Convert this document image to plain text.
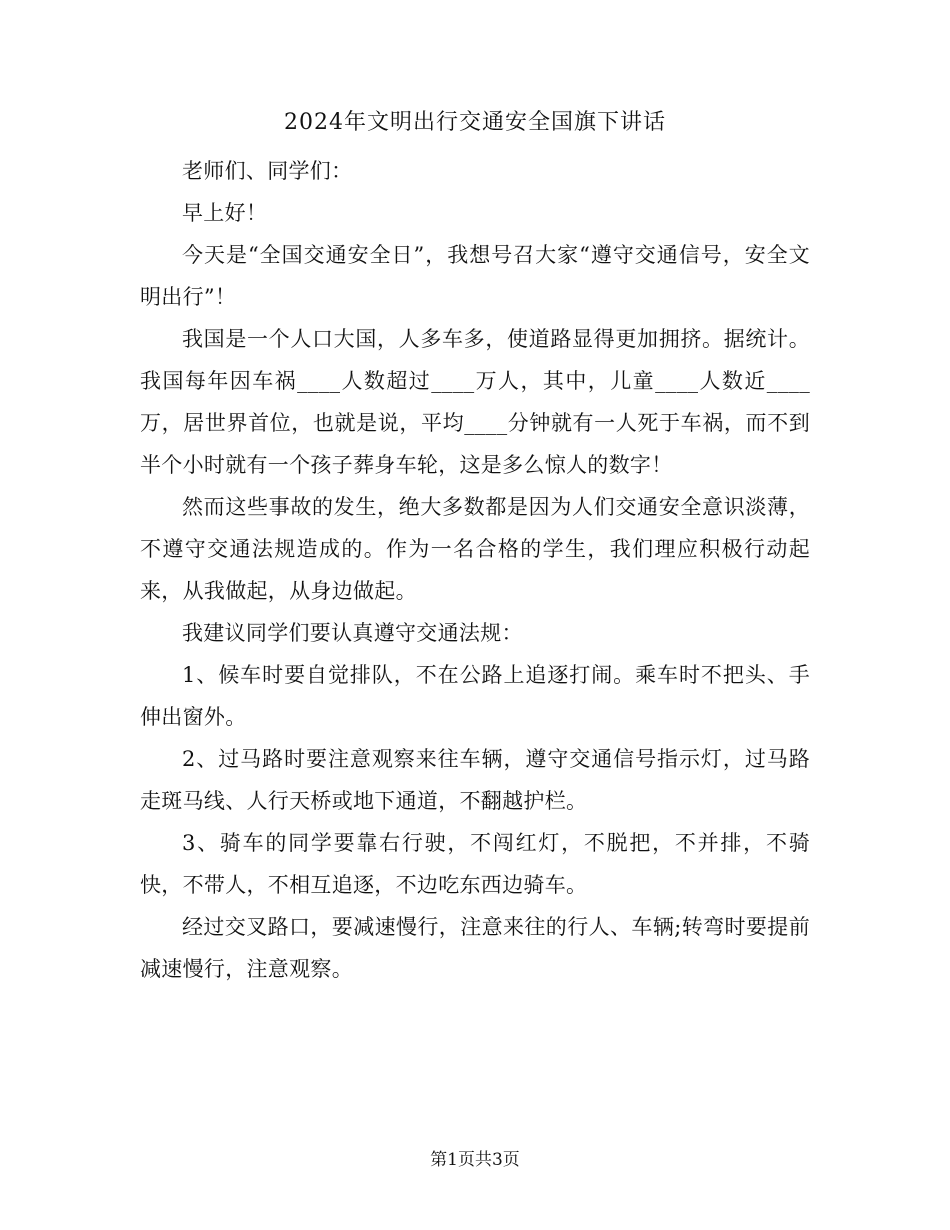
2024年文明出行交通安全国旗下讲话

老师们、同学们：

早上好！

今天是“全国交通安全日”，我想号召大家“遵守交通信号，安全文明出行”！

我国是一个人口大国，人多车多，使道路显得更加拥挤。据统计。我国每年因车祸____人数超过____万人，其中，儿童____人数近____万，居世界首位，也就是说，平均____分钟就有一人死于车祸，而不到半个小时就有一个孩子葬身车轮，这是多么惊人的数字！

然而这些事故的发生，绝大多数都是因为人们交通安全意识淡薄，不遵守交通法规造成的。作为一名合格的学生，我们理应积极行动起来，从我做起，从身边做起。

我建议同学们要认真遵守交通法规：

1、候车时要自觉排队，不在公路上追逐打闹。乘车时不把头、手伸出窗外。

2、过马路时要注意观察来往车辆，遵守交通信号指示灯，过马路走斑马线、人行天桥或地下通道，不翻越护栏。

3、骑车的同学要靠右行驶，不闯红灯，不脱把，不并排，不骑快，不带人，不相互追逐，不边吃东西边骑车。

经过交叉路口，要减速慢行，注意来往的行人、车辆;转弯时要提前减速慢行，注意观察。

第1页共3页
